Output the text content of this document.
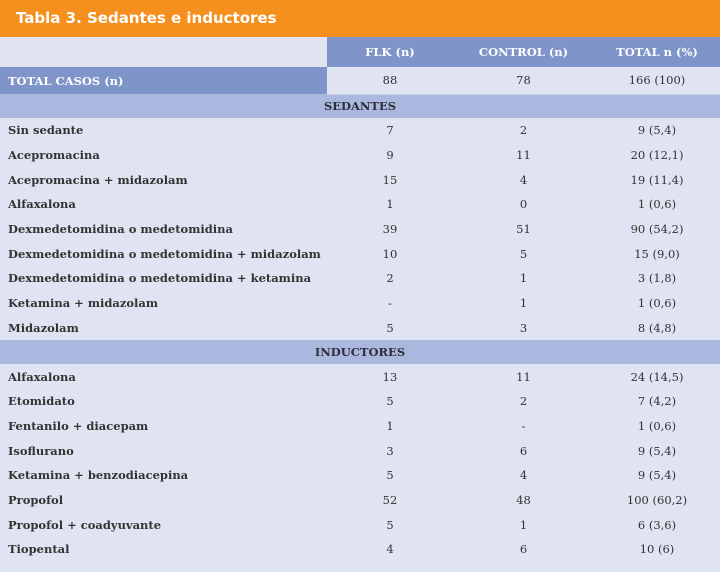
Tabla 3. Sedantes e inductores
	FLK (n)	CONTROL (n)	TOTAL n (%)
TOTAL CASOS (n)	88	78	166 (100)
SEDANTES			
Sin sedante	7	2	9 (5,4)
Acepromacina	9	11	20 (12,1)
Acepromacina + midazolam	15	4	19 (11,4)
Alfaxalona	1	0	1 (0,6)
Dexmedetomidina o medetomidina	39	51	90 (54,2)
Dexmedetomidina o medetomidina + midazolam	10	5	15 (9,0)
Dexmedetomidina o medetomidina + ketamina	2	1	3 (1,8)
Ketamina + midazolam	-	1	1 (0,6)
Midazolam	5	3	8 (4,8)
INDUCTORES			
Alfaxalona	13	11	24 (14,5)
Etomidato	5	2	7 (4,2)
Fentanilo + diacepam	1	-	1 (0,6)
Isoflurano	3	6	9 (5,4)
Ketamina + benzodiacepina	5	4	9 (5,4)
Propofol	52	48	100 (60,2)
Propofol + coadyuvante	5	1	6 (3,6)
Tiopental	4	6	10 (6)
